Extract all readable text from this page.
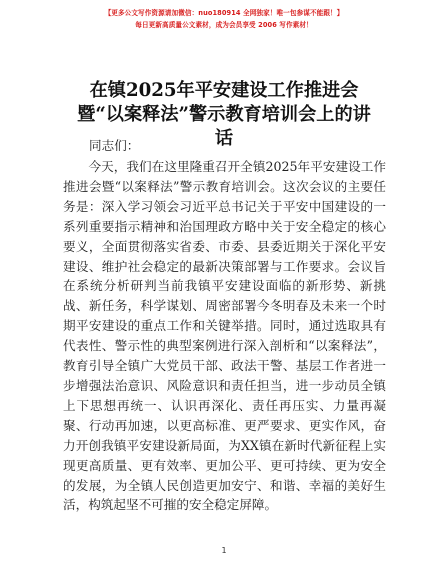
【更多公文写作资源请加微信：nuo180914 全网独家！唯一包参谋不能跟！】
每日更新高质量公文素材，成为会员享受 2006 写作素材！
在镇2025年平安建设工作推进会暨“以案释法”警示教育培训会上的讲话
同志们：
今天，我们在这里隆重召开全镇2025年平安建设工作推进会暨“以案释法”警示教育培训会。这次会议的主要任务是：深入学习领会习近平总书记关于平安中国建设的一系列重要指示精神和治国理政方略中关于安全稳定的核心要义，全面贯彻落实省委、市委、县委近期关于深化平安建设、维护社会稳定的最新决策部署与工作要求。会议旨在系统分析研判当前我镇平安建设面临的新形势、新挑战、新任务，科学谋划、周密部署今冬明春及未来一个时期平安建设的重点工作和关键举措。同时，通过选取具有代表性、警示性的典型案例进行深入剖析和“以案释法”，教育引导全镇广大党员干部、政法干警、基层工作者进一步增强法治意识、风险意识和责任担当，进一步动员全镇上下思想再统一、认识再深化、责任再压实、力量再凝聚、行动再加速，以更高标准、更严要求、更实作风，奋力开创我镇平安建设新局面，为XX镇在新时代新征程上实现更高质量、更有效率、更加公平、更可持续、更为安全的发展，为全镇人民创造更加安宁、和谐、幸福的美好生活，构筑起坚不可摧的安全稳定屏障。
1
